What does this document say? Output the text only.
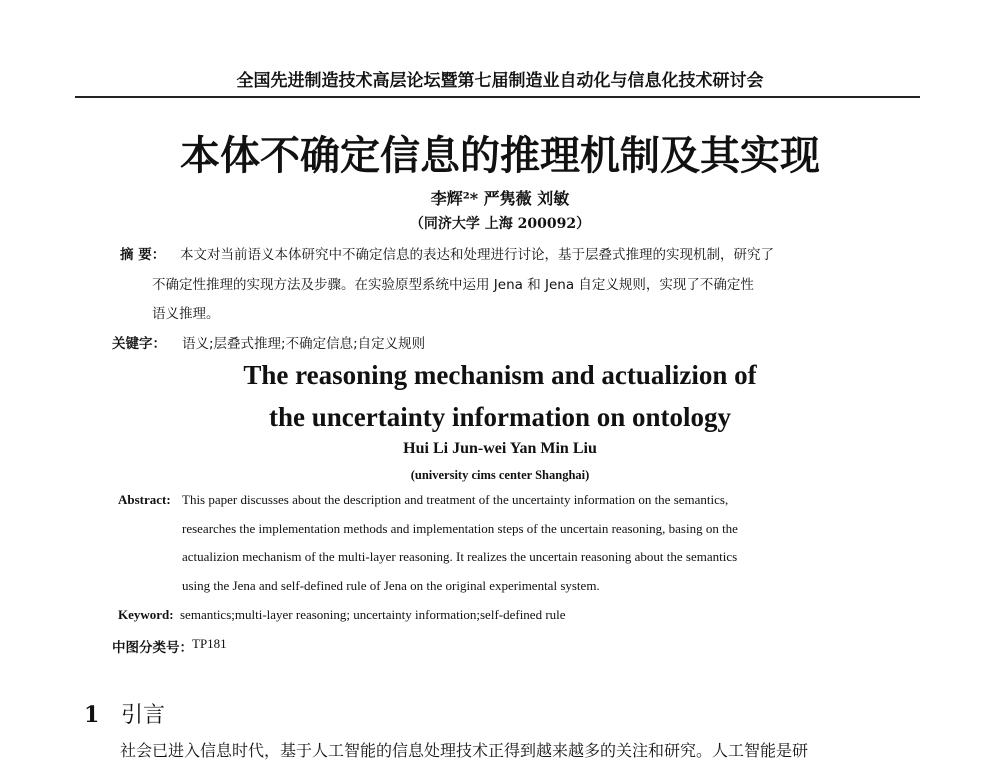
全国先进制造技术高层论坛暨第七届制造业自动化与信息化技术研讨会
本体不确定信息的推理机制及其实现
李辉²* 严隽薇 刘敏
（同济大学 上海 200092）
摘 要： 本文对当前语义本体研究中不确定信息的表达和处理进行讨论，基于层叠式推理的实现机制，研究了
不确定性推理的实现方法及步骤。在实验原型系统中运用 Jena 和 Jena 自定义规则，实现了不确定性
语义推理。
关键字： 语义;层叠式推理;不确定信息;自定义规则
The reasoning mechanism and actualizion of
the uncertainty information on ontology
Hui Li Jun-wei Yan Min Liu
(university cims center Shanghai)
Abstract: This paper discusses about the description and treatment of the uncertainty information on the semantics,
researches the implementation methods and implementation steps of the uncertain reasoning, basing on the
actualizion mechanism of the multi-layer reasoning. It realizes the uncertain reasoning about the semantics
using the Jena and self-defined rule of Jena on the original experimental system.
Keyword: semantics;multi-layer reasoning; uncertainty information;self-defined rule
中图分类号： TP181
1 引言
社会已进入信息时代，基于人工智能的信息处理技术正得到越来越多的关注和研究。人工智能是研
